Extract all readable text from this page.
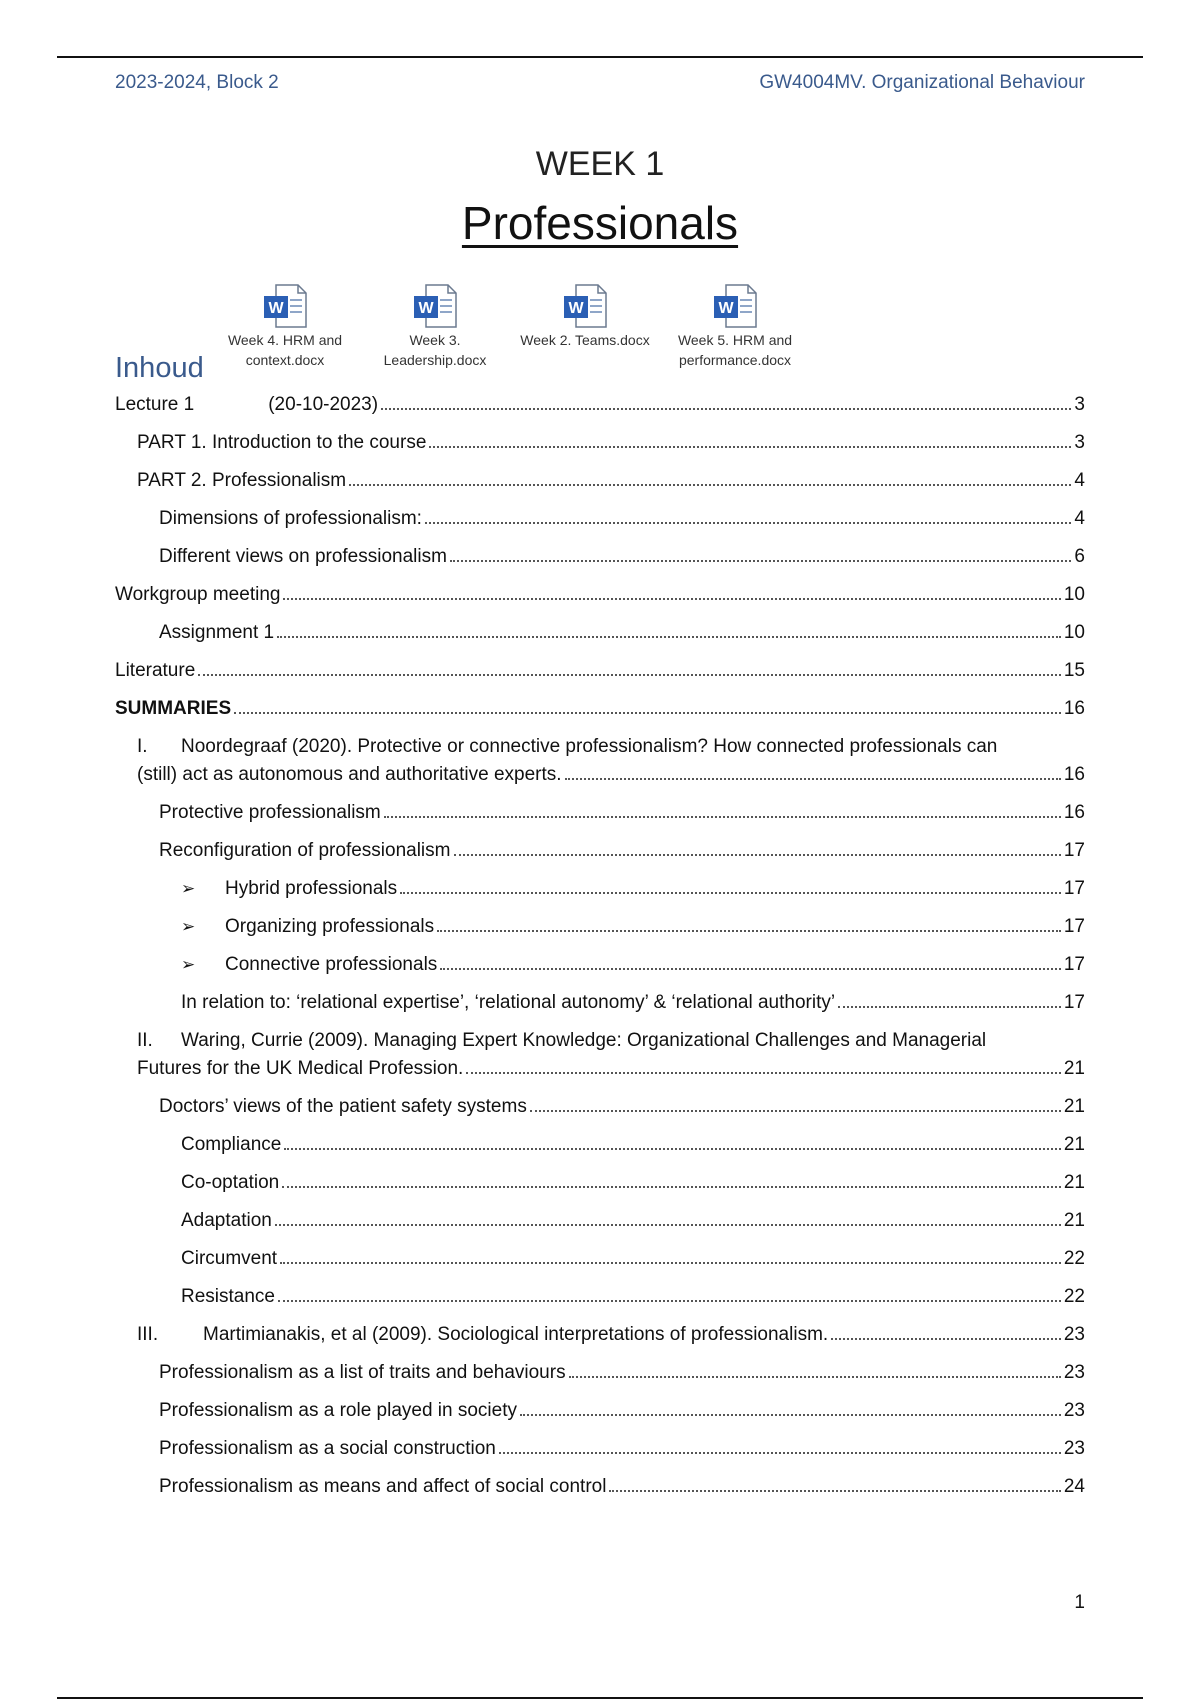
2023-2024, Block 2	GW4004MV. Organizational Behaviour
WEEK 1
Professionals
W
Week 4. HRM and
context.docx
W
Week 3.
Leadership.docx
W
Week 2. Teams.docx
W
Week 5. HRM and
performance.docx
Inhoud
Lecture 1	(20-10-2023)	3
PART 1. Introduction to the course	3
PART 2. Professionalism	4
Dimensions of professionalism:	4
Different views on professionalism	6
Workgroup meeting	10
Assignment 1	10
Literature	15
SUMMARIES	16
I. Noordegraaf (2020). Protective or connective professionalism? How connected professionals can
(still) act as autonomous and authoritative experts.	16
Protective professionalism	16
Reconfiguration of professionalism	17
➢	Hybrid professionals	17
➢	Organizing professionals	17
➢	Connective professionals	17
In relation to: ‘relational expertise’, ‘relational autonomy’ & ‘relational authority’	17
II. Waring, Currie (2009). Managing Expert Knowledge: Organizational Challenges and Managerial
Futures for the UK Medical Profession.	21
Doctors’ views of the patient safety systems	21
Compliance	21
Co-optation	21
Adaptation	21
Circumvent	22
Resistance	22
III.	Martimianakis, et al (2009). Sociological interpretations of professionalism.	23
Professionalism as a list of traits and behaviours	23
Professionalism as a role played in society	23
Professionalism as a social construction	23
Professionalism as means and affect of social control	24
1
